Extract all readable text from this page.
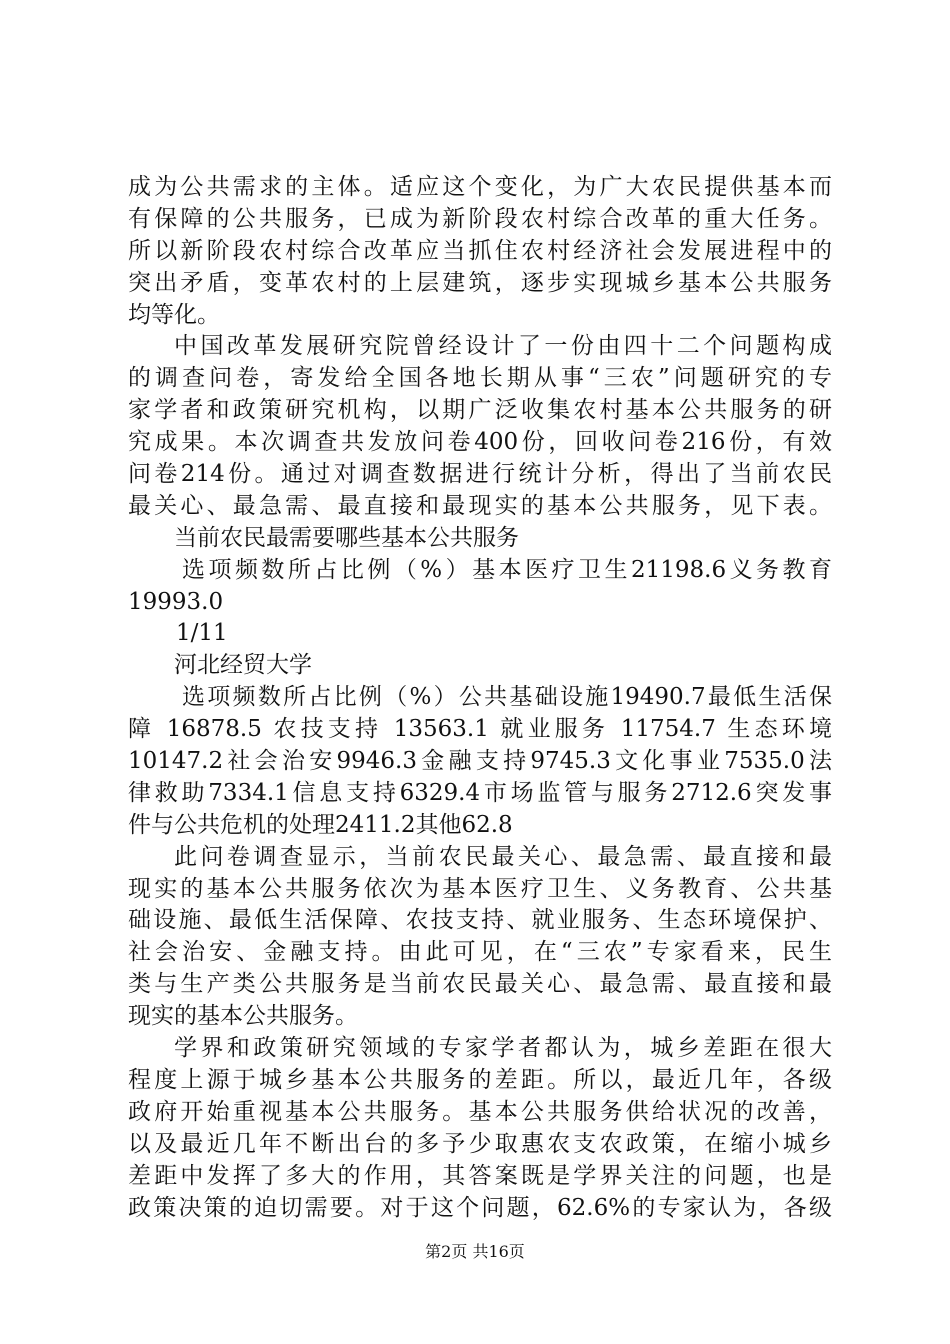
成为公共需求的主体。适应这个变化，为广大农民提供基本而

有保障的公共服务，已成为新阶段农村综合改革的重大任务。

所以新阶段农村综合改革应当抓住农村经济社会发展进程中的

突出矛盾，变革农村的上层建筑，逐步实现城乡基本公共服务

均等化。

中国改革发展研究院曾经设计了一份由四十二个问题构成

的调查问卷，寄发给全国各地长期从事“三农”问题研究的专

家学者和政策研究机构，以期广泛收集农村基本公共服务的研

究成果。本次调查共发放问卷400份，回收问卷216份，有效

问卷214份。通过对调查数据进行统计分析，得出了当前农民

最关心、最急需、最直接和最现实的基本公共服务，见下表。

当前农民最需要哪些基本公共服务

选项频数所占比例（%）基本医疗卫生21198.6义务教育

19993.0

1/11

河北经贸大学

选项频数所占比例（%）公共基础设施19490.7最低生活保

障 16878.5 农技支持 13563.1 就业服务 11754.7 生态环境

10147.2社会治安9946.3金融支持9745.3文化事业7535.0法

律救助7334.1信息支持6329.4市场监管与服务2712.6突发事

件与公共危机的处理2411.2其他62.8

此问卷调查显示，当前农民最关心、最急需、最直接和最

现实的基本公共服务依次为基本医疗卫生、义务教育、公共基

础设施、最低生活保障、农技支持、就业服务、生态环境保护、

社会治安、金融支持。由此可见，在“三农”专家看来，民生

类与生产类公共服务是当前农民最关心、最急需、最直接和最

现实的基本公共服务。

学界和政策研究领域的专家学者都认为，城乡差距在很大

程度上源于城乡基本公共服务的差距。所以，最近几年，各级

政府开始重视基本公共服务。基本公共服务供给状况的改善，

以及最近几年不断出台的多予少取惠农支农政策，在缩小城乡

差距中发挥了多大的作用，其答案既是学界关注的问题，也是

政策决策的迫切需要。对于这个问题，62.6%的专家认为，各级

第2页 共16页
